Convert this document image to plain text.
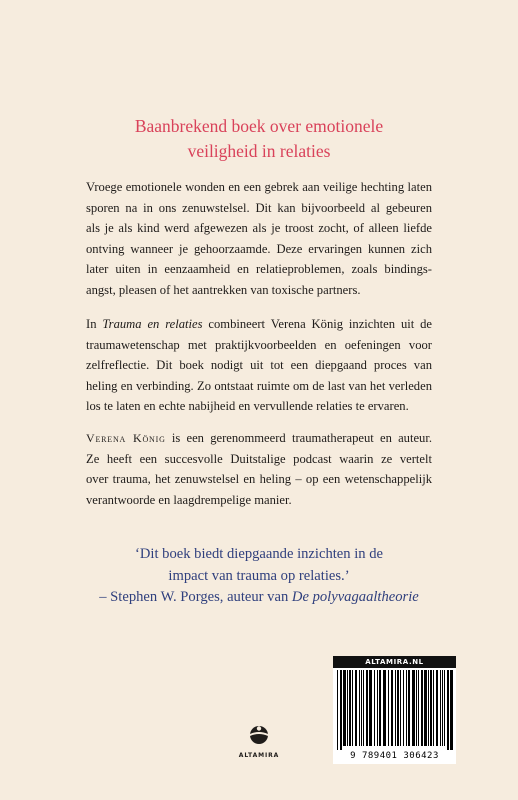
Baanbrekend boek over emotionele
veiligheid in relaties

Vroege emotionele wonden en een gebrek aan veilige hechting laten
sporen na in ons zenuwstelsel. Dit kan bijvoorbeeld al gebeuren
als je als kind werd afgewezen als je troost zocht, of alleen liefde
ontving wanneer je gehoorzaamde. Deze ervaringen kunnen zich
later uiten in eenzaamheid en relatieproblemen, zoals bindings-
angst, pleasen of het aantrekken van toxische partners.

In Trauma en relaties combineert Verena König inzichten uit de
traumawetenschap met praktijkvoorbeelden en oefeningen voor
zelfreflectie. Dit boek nodigt uit tot een diepgaand proces van
heling en verbinding. Zo ontstaat ruimte om de last van het verleden
los te laten en echte nabijheid en vervullende relaties te ervaren.

Verena König is een gerenommeerd traumatherapeut en auteur.
Ze heeft een succesvolle Duitstalige podcast waarin ze vertelt
over trauma, het zenuwstelsel en heling – op een wetenschappelijk
verantwoorde en laagdrempelige manier.

‘Dit boek biedt diepgaande inzichten in de
impact van trauma op relaties.’
– Stephen W. Porges, auteur van De polyvagaaltheorie
ALTAMIRA
ALTAMIRA.NL
9 789401 306423
